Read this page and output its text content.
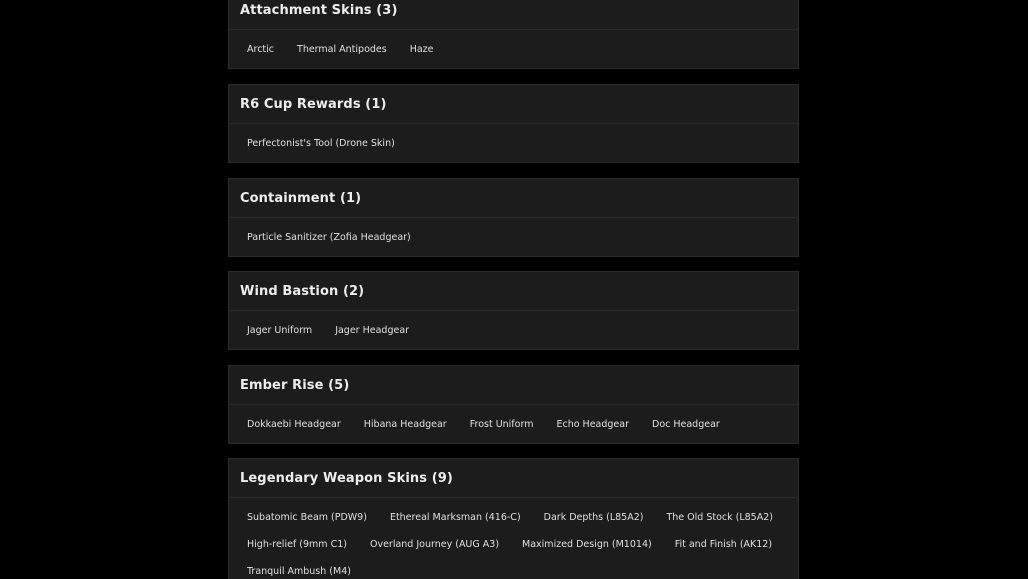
Attachment Skins (3)
Arctic	Thermal Antipodes	Haze
R6 Cup Rewards (1)
Perfectonist's Tool (Drone Skin)
Containment (1)
Particle Sanitizer (Zofia Headgear)
Wind Bastion (2)
Jager Uniform	Jager Headgear
Ember Rise (5)
Dokkaebi Headgear	Hibana Headgear	Frost Uniform	Echo Headgear	Doc Headgear
Legendary Weapon Skins (9)
Subatomic Beam (PDW9)	Ethereal Marksman (416-C)	Dark Depths (L85A2)	The Old Stock (L85A2)
High-relief (9mm C1)	Overland Journey (AUG A3)	Maximized Design (M1014)	Fit and Finish (AK12)
Tranquil Ambush (M4)
